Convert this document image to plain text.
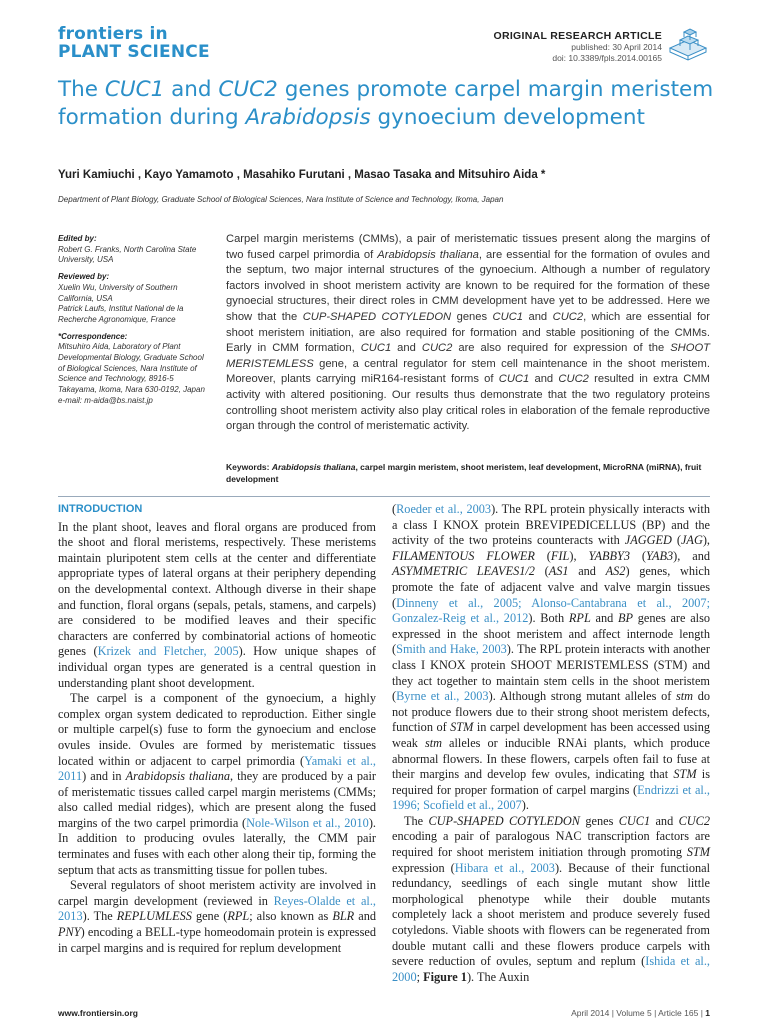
frontiers in
PLANT SCIENCE
ORIGINAL RESEARCH ARTICLE
published: 30 April 2014
doi: 10.3389/fpls.2014.00165
The CUC1 and CUC2 genes promote carpel margin meristem formation during Arabidopsis gynoecium development
Yuri Kamiuchi , Kayo Yamamoto , Masahiko Furutani , Masao Tasaka and Mitsuhiro Aida *
Department of Plant Biology, Graduate School of Biological Sciences, Nara Institute of Science and Technology, Ikoma, Japan
Edited by:
Robert G. Franks, North Carolina State University, USA
Reviewed by:
Xuelin Wu, University of Southern California, USA
Patrick Laufs, Institut National de la Recherche Agronomique, France
*Correspondence:
Mitsuhiro Aida, Laboratory of Plant Developmental Biology, Graduate School of Biological Sciences, Nara Institute of Science and Technology, 8916-5 Takayama, Ikoma, Nara 630-0192, Japan
e-mail: m-aida@bs.naist.jp
Carpel margin meristems (CMMs), a pair of meristematic tissues present along the margins of two fused carpel primordia of Arabidopsis thaliana, are essential for the formation of ovules and the septum, two major internal structures of the gynoecium. Although a number of regulatory factors involved in shoot meristem activity are known to be required for the formation of these gynoecial structures, their direct roles in CMM development have yet to be addressed. Here we show that the CUP-SHAPED COTYLEDON genes CUC1 and CUC2, which are essential for shoot meristem initiation, are also required for formation and stable positioning of the CMMs. Early in CMM formation, CUC1 and CUC2 are also required for expression of the SHOOT MERISTEMLESS gene, a central regulator for stem cell maintenance in the shoot meristem. Moreover, plants carrying miR164-resistant forms of CUC1 and CUC2 resulted in extra CMM activity with altered positioning. Our results thus demonstrate that the two regulatory proteins controlling shoot meristem activity also play critical roles in elaboration of the female reproductive organ through the control of meristematic activity.
Keywords: Arabidopsis thaliana, carpel margin meristem, shoot meristem, leaf development, MicroRNA (miRNA), fruit development
INTRODUCTION

In the plant shoot, leaves and floral organs are produced from the shoot and floral meristems, respectively. These meristems maintain pluripotent stem cells at the center and differentiate appropriate types of lateral organs at their periphery depending on the developmental context. Although diverse in their shape and function, floral organs (sepals, petals, stamens, and carpels) are considered to be modified leaves and their specific characters are conferred by combinatorial actions of homeotic genes (Krizek and Fletcher, 2005). How unique shapes of individual organ types are generated is a central question in understanding plant shoot development.

The carpel is a component of the gynoecium, a highly complex organ system dedicated to reproduction. Either single or multiple carpel(s) fuse to form the gynoecium and enclose ovules inside. Ovules are formed by meristematic tissues located within or adjacent to carpel primordia (Yamaki et al., 2011) and in Arabidopsis thaliana, they are produced by a pair of meristematic tissues called carpel margin meristems (CMMs; also called medial ridges), which are present along the fused margins of the two carpel primordia (Nole-Wilson et al., 2010). In addition to producing ovules laterally, the CMM pair terminates and fuses with each other along their tip, forming the septum that acts as transmitting tissue for pollen tubes.

Several regulators of shoot meristem activity are involved in carpel margin development (reviewed in Reyes-Olalde et al., 2013). The REPLUMLESS gene (RPL; also known as BLR and PNY) encoding a BELL-type homeodomain protein is expressed in carpel margins and is required for replum development

(Roeder et al., 2003). The RPL protein physically interacts with a class I KNOX protein BREVIPEDICELLUS (BP) and the activity of the two proteins counteracts with JAGGED (JAG), FILAMENTOUS FLOWER (FIL), YABBY3 (YAB3), and ASYMMETRIC LEAVES1/2 (AS1 and AS2) genes, which promote the fate of adjacent valve and valve margin tissues (Dinneny et al., 2005; Alonso-Cantabrana et al., 2007; Gonzalez-Reig et al., 2012). Both RPL and BP genes are also expressed in the shoot meristem and affect internode length (Smith and Hake, 2003). The RPL protein interacts with another class I KNOX protein SHOOT MERISTEMLESS (STM) and they act together to maintain stem cells in the shoot meristem (Byrne et al., 2003). Although strong mutant alleles of stm do not produce flowers due to their strong shoot meristem defects, function of STM in carpel development has been accessed using weak stm alleles or inducible RNAi plants, which produce abnormal flowers. In these flowers, carpels often fail to fuse at their margins and develop few ovules, indicating that STM is required for proper formation of carpel margins (Endrizzi et al., 1996; Scofield et al., 2007).

The CUP-SHAPED COTYLEDON genes CUC1 and CUC2 encoding a pair of paralogous NAC transcription factors are required for shoot meristem initiation through promoting STM expression (Hibara et al., 2003). Because of their functional redundancy, seedlings of each single mutant show little morphological phenotype while their double mutants completely lack a shoot meristem and produce severely fused cotyledons. Viable shoots with flowers can be regenerated from double mutant calli and these flowers produce carpels with severe reduction of ovules, septum and replum (Ishida et al., 2000; Figure 1). The Auxin

www.frontiersin.org	April 2014 | Volume 5 | Article 165 | 1
